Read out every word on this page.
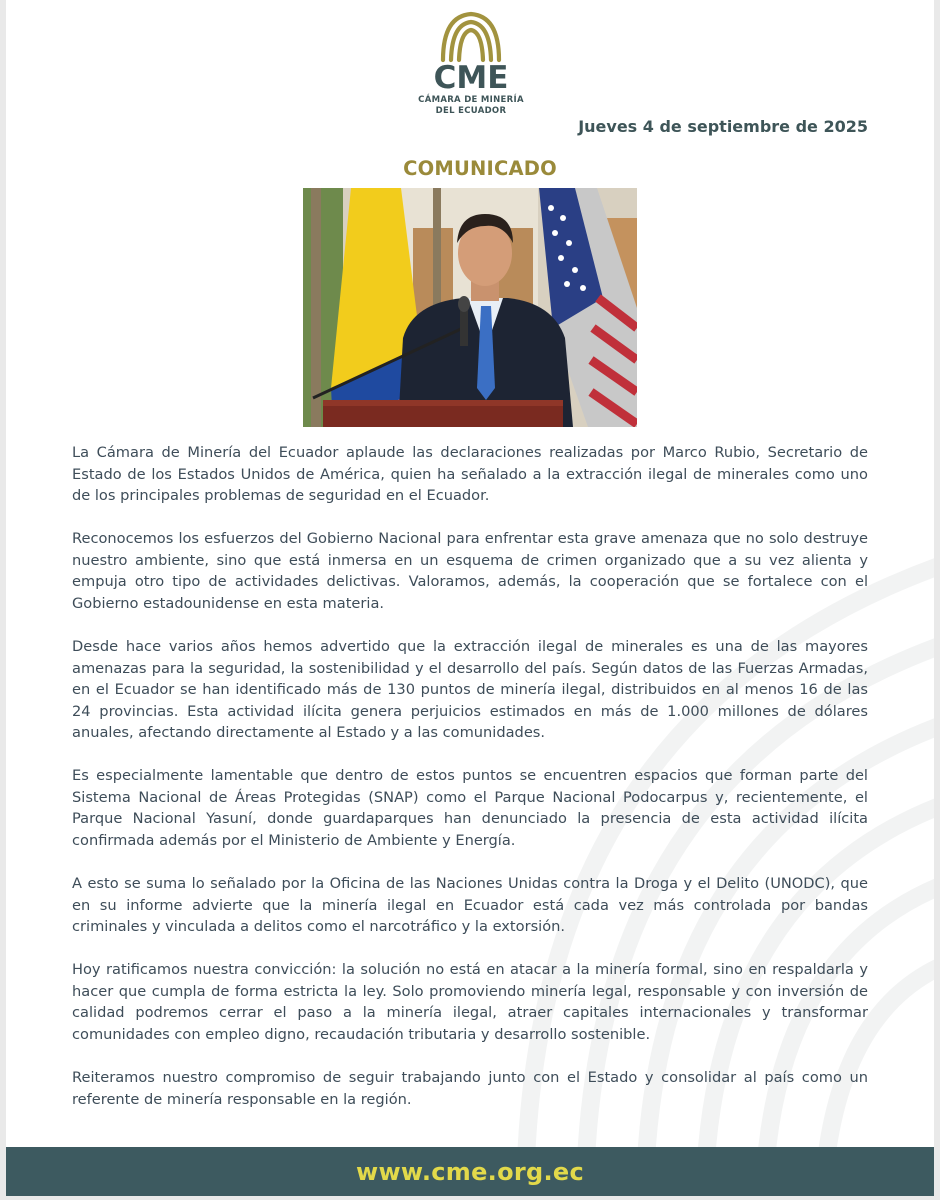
CME
CÁMARA DE MINERÍA
DEL ECUADOR
Jueves 4 de septiembre de 2025
COMUNICADO

La Cámara de Minería del Ecuador aplaude las declaraciones realizadas por Marco Rubio, Secretario de Estado de los Estados Unidos de América, quien ha señalado a la extracción ilegal de minerales como uno de los principales problemas de seguridad en el Ecuador.

Reconocemos los esfuerzos del Gobierno Nacional para enfrentar esta grave amenaza que no solo destruye nuestro ambiente, sino que está inmersa en un esquema de crimen organizado que a su vez alienta y empuja otro tipo de actividades delictivas. Valoramos, además, la cooperación que se fortalece con el Gobierno estadounidense en esta materia.

Desde hace varios años hemos advertido que la extracción ilegal de minerales es una de las mayores amenazas para la seguridad, la sostenibilidad y el desarrollo del país. Según datos de las Fuerzas Armadas, en el Ecuador se han identificado más de 130 puntos de minería ilegal, distribuidos en al menos 16 de las 24 provincias. Esta actividad ilícita genera perjuicios estimados en más de 1.000 millones de dólares anuales, afectando directamente al Estado y a las comunidades.

Es especialmente lamentable que dentro de estos puntos se encuentren espacios que forman parte del Sistema Nacional de Áreas Protegidas (SNAP) como el Parque Nacional Podocarpus y, recientemente, el Parque Nacional Yasuní, donde guardaparques han denunciado la presencia de esta actividad ilícita confirmada además por el Ministerio de Ambiente y Energía.

A esto se suma lo señalado por la Oficina de las Naciones Unidas contra la Droga y el Delito (UNODC), que en su informe advierte que la minería ilegal en Ecuador está cada vez más controlada por bandas criminales y vinculada a delitos como el narcotráfico y la extorsión.

Hoy ratificamos nuestra convicción: la solución no está en atacar a la minería formal, sino en respaldarla y hacer que cumpla de forma estricta la ley. Solo promoviendo minería legal, responsable y con inversión de calidad podremos cerrar el paso a la minería ilegal, atraer capitales internacionales y transformar comunidades con empleo digno, recaudación tributaria y desarrollo sostenible.

Reiteramos nuestro compromiso de seguir trabajando junto con el Estado y consolidar al país como un referente de minería responsable en la región.

www.cme.org.ec
